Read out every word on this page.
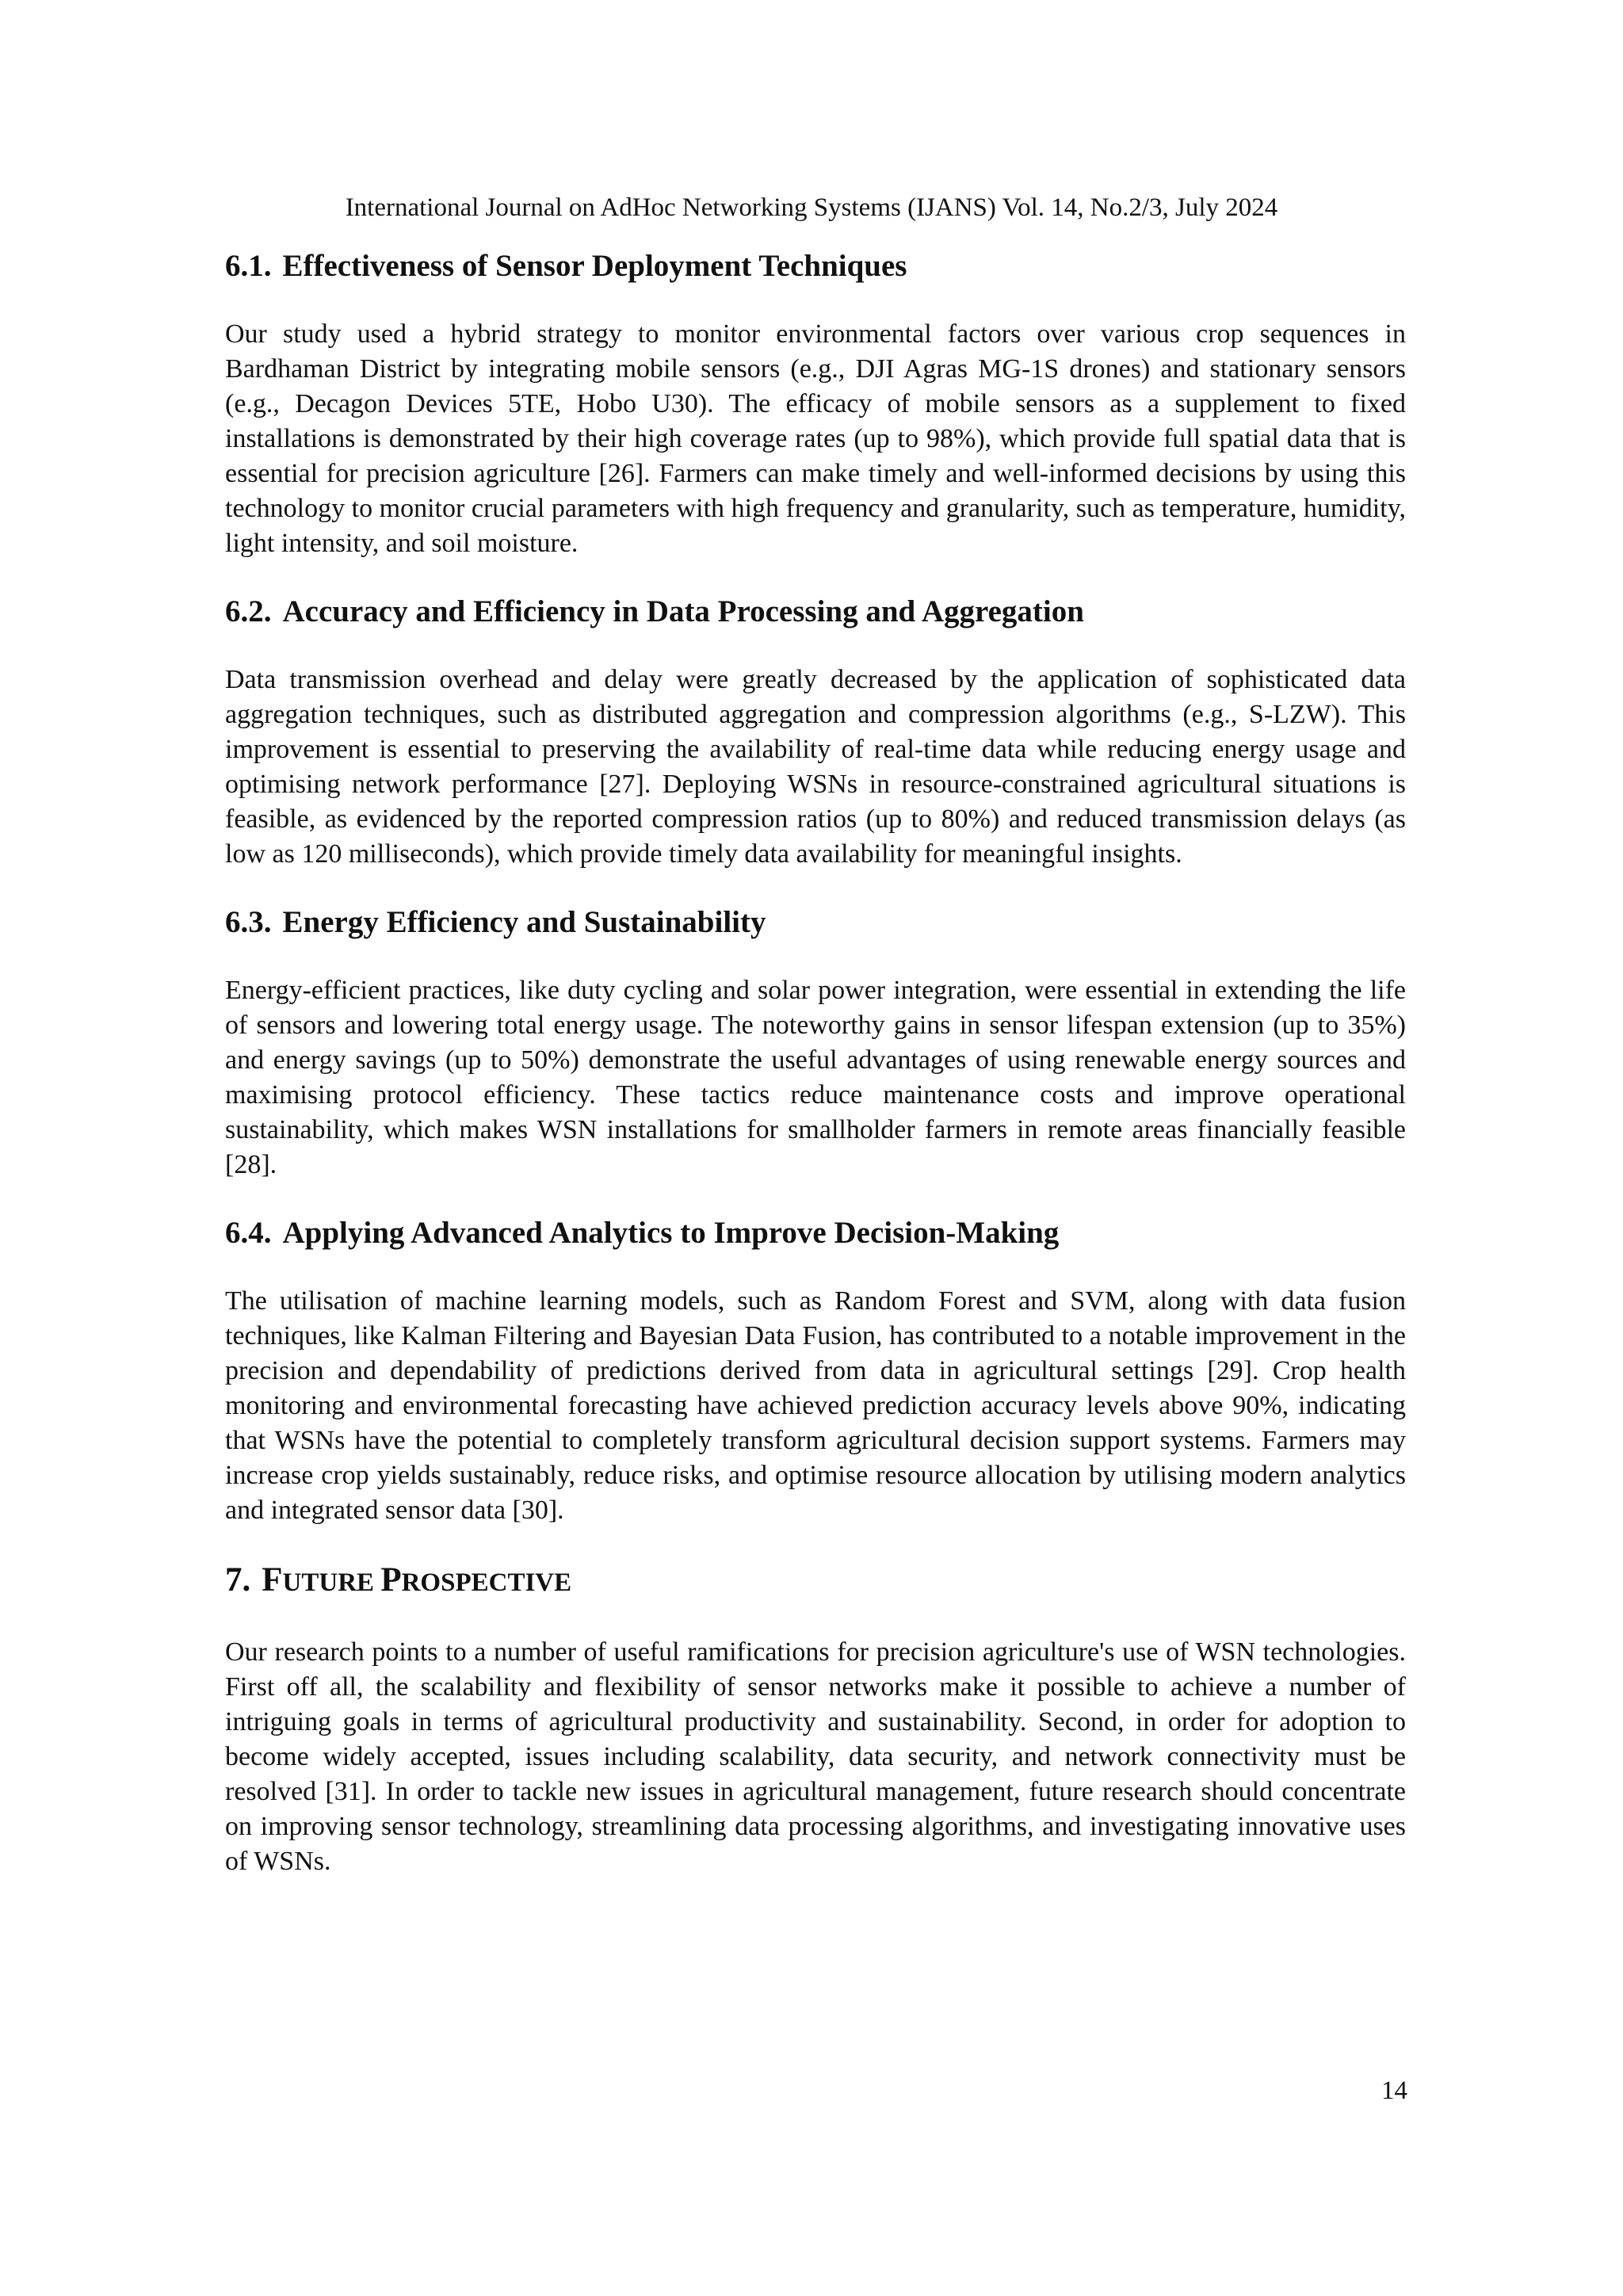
International Journal on AdHoc Networking Systems (IJANS) Vol. 14, No.2/3, July 2024

6.1. Effectiveness of Sensor Deployment Techniques

Our study used a hybrid strategy to monitor environmental factors over various crop sequences in Bardhaman District by integrating mobile sensors (e.g., DJI Agras MG-1S drones) and stationary sensors (e.g., Decagon Devices 5TE, Hobo U30). The efficacy of mobile sensors as a supplement to fixed installations is demonstrated by their high coverage rates (up to 98%), which provide full spatial data that is essential for precision agriculture [26]. Farmers can make timely and well-informed decisions by using this technology to monitor crucial parameters with high frequency and granularity, such as temperature, humidity, light intensity, and soil moisture.

6.2. Accuracy and Efficiency in Data Processing and Aggregation

Data transmission overhead and delay were greatly decreased by the application of sophisticated data aggregation techniques, such as distributed aggregation and compression algorithms (e.g., S-LZW). This improvement is essential to preserving the availability of real-time data while reducing energy usage and optimising network performance [27]. Deploying WSNs in resource-constrained agricultural situations is feasible, as evidenced by the reported compression ratios (up to 80%) and reduced transmission delays (as low as 120 milliseconds), which provide timely data availability for meaningful insights.

6.3. Energy Efficiency and Sustainability

Energy-efficient practices, like duty cycling and solar power integration, were essential in extending the life of sensors and lowering total energy usage. The noteworthy gains in sensor lifespan extension (up to 35%) and energy savings (up to 50%) demonstrate the useful advantages of using renewable energy sources and maximising protocol efficiency. These tactics reduce maintenance costs and improve operational sustainability, which makes WSN installations for smallholder farmers in remote areas financially feasible [28].

6.4. Applying Advanced Analytics to Improve Decision-Making

The utilisation of machine learning models, such as Random Forest and SVM, along with data fusion techniques, like Kalman Filtering and Bayesian Data Fusion, has contributed to a notable improvement in the precision and dependability of predictions derived from data in agricultural settings [29]. Crop health monitoring and environmental forecasting have achieved prediction accuracy levels above 90%, indicating that WSNs have the potential to completely transform agricultural decision support systems. Farmers may increase crop yields sustainably, reduce risks, and optimise resource allocation by utilising modern analytics and integrated sensor data [30].

7. FUTURE PROSPECTIVE

Our research points to a number of useful ramifications for precision agriculture's use of WSN technologies. First off all, the scalability and flexibility of sensor networks make it possible to achieve a number of intriguing goals in terms of agricultural productivity and sustainability. Second, in order for adoption to become widely accepted, issues including scalability, data security, and network connectivity must be resolved [31]. In order to tackle new issues in agricultural management, future research should concentrate on improving sensor technology, streamlining data processing algorithms, and investigating innovative uses of WSNs.

14
